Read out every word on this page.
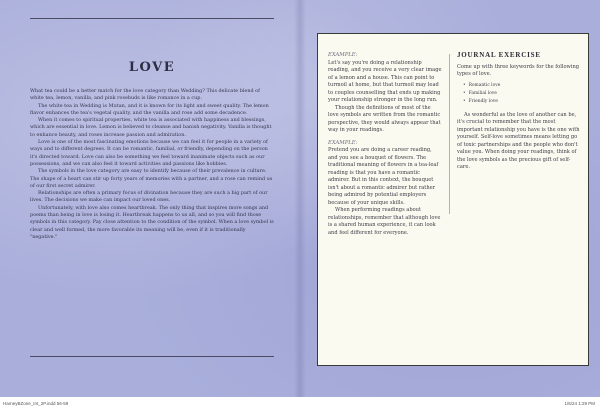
LOVE

What tea could be a better match for the love category than Wedding? This delicate blend of white tea, lemon, vanilla, and pink rosebuds is like romance in a cup.

The white tea in Wedding is Mutan, and it is known for its light and sweet quality. The lemon flavor enhances the tea's vegetal quality, and the vanilla and rose add some decadence.

When it comes to spiritual properties, white tea is associated with happiness and blessings, which are essential in love. Lemon is believed to cleanse and banish negativity. Vanilla is thought to enhance beauty, and roses increase passion and admiration.

Love is one of the most fascinating emotions because we can feel it for people in a variety of ways and to different degrees. It can be romantic, familial, or friendly, depending on the person it's directed toward. Love can also be something we feel toward inanimate objects such as our possessions, and we can also feel it toward activities and passions like hobbies.

The symbols in the love category are easy to identify because of their prevalence in culture. The shape of a heart can stir up forty years of memories with a partner, and a rose can remind us of our first secret admirer.

Relationships are often a primary focus of divination because they are such a big part of our lives. The decisions we make can impact our loved ones.

Unfortunately, with love also comes heartbreak. The only thing that inspires more songs and poems than being in love is losing it. Heartbreak happens to us all, and so you will find those symbols in this category. Pay close attention to the condition of the symbol. When a love symbol is clear and well formed, the more favorable its meaning will be, even if it is traditionally "negative."

EXAMPLE:

Let's say you're doing a relationship reading, and you receive a very clear image of a lemon and a house. This can point to turmoil at home, but that turmoil may lead to couples counselling that ends up making your relationship stronger in the long run.

Though the definitions of most of the love symbols are written from the romantic perspective, they would always appear that way in your readings.

EXAMPLE:

Pretend you are doing a career reading, and you see a bouquet of flowers. The traditional meaning of flowers in a tea-leaf reading is that you have a romantic admirer. But in this context, the bouquet isn't about a romantic admirer but rather being admired by potential employers because of your unique skills.

When performing readings about relationships, remember that although love is a shared human experience, it can look and feel different for everyone.

JOURNAL EXERCISE

Come up with three keywords for the following types of love.

• Romantic love
• Familial love
• Friendly love

As wonderful as the love of another can be, it's crucial to remember that the most important relationship you have is the one with yourself. Self-love sometimes means letting go of toxic partnerships and the people who don't value you. When doing your readings, think of the love symbols as the precious gift of self-care.

HarneyBZone_Int_2P.indd 56-59	1/6/24 1:29 PM
